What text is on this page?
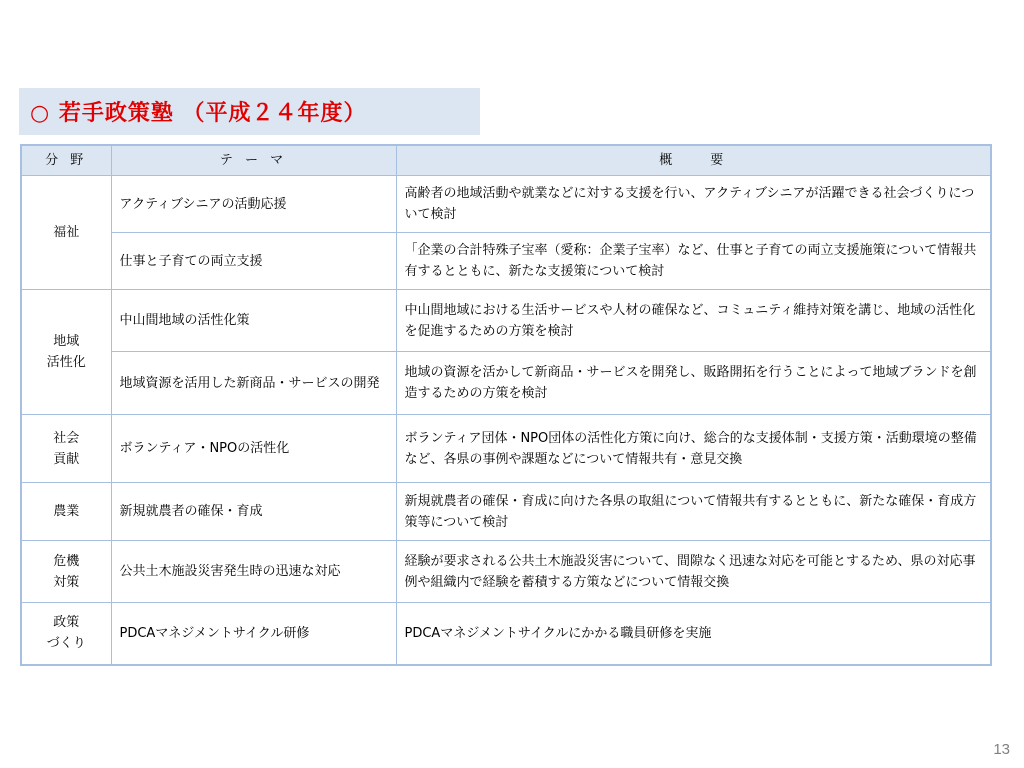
○ 若手政策塾 （平成２４年度）
分 野	テ ー マ	概　　要
福祉	アクティブシニアの活動応援	高齢者の地域活動や就業などに対する支援を行い、アクティブシニアが活躍できる社会づくりについて検討
	仕事と子育ての両立支援	「企業の合計特殊子宝率（愛称：企業子宝率）など、仕事と子育ての両立支援施策について情報共有するとともに、新たな支援策について検討
地域
活性化	中山間地域の活性化策	中山間地域における生活サービスや人材の確保など、コミュニティ維持対策を講じ、地域の活性化を促進するための方策を検討
	地域資源を活用した新商品・サービスの開発	地域の資源を活かして新商品・サービスを開発し、販路開拓を行うことによって地域ブランドを創造するための方策を検討
社会
貢献	ボランティア・NPOの活性化	ボランティア団体・NPO団体の活性化方策に向け、総合的な支援体制・支援方策・活動環境の整備など、各県の事例や課題などについて情報共有・意見交換
農業	新規就農者の確保・育成	新規就農者の確保・育成に向けた各県の取組について情報共有するとともに、新たな確保・育成方策等について検討
危機
対策	公共土木施設災害発生時の迅速な対応	経験が要求される公共土木施設災害について、間隙なく迅速な対応を可能とするため、県の対応事例や組織内で経験を蓄積する方策などについて情報交換
政策
づくり	PDCAマネジメントサイクル研修	PDCAマネジメントサイクルにかかる職員研修を実施
13
